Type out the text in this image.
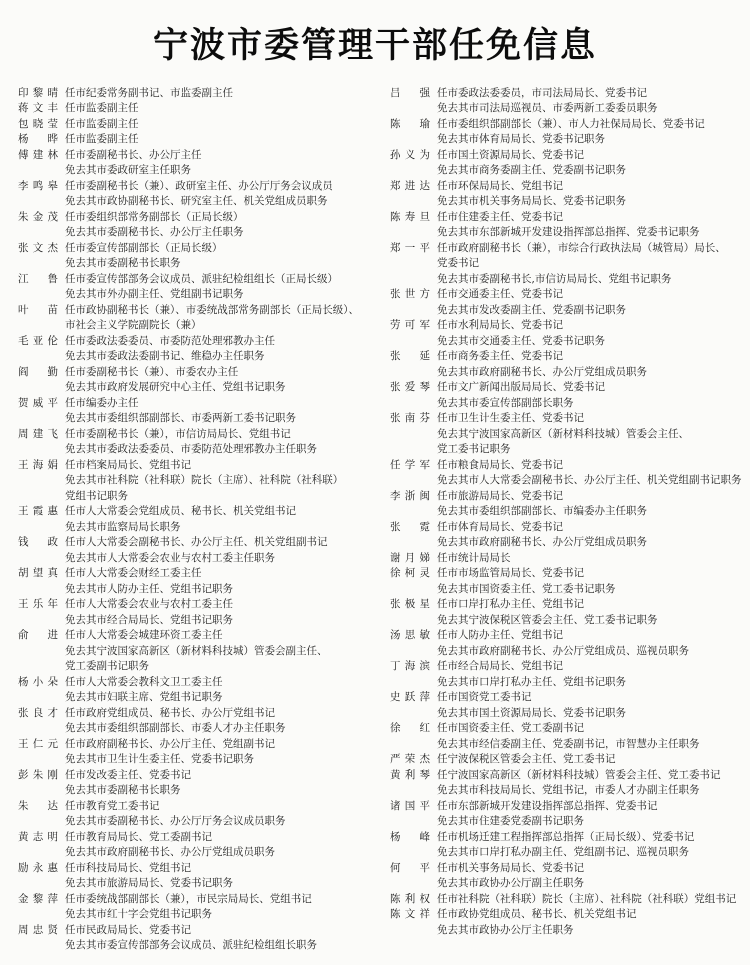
宁波市委管理干部任免信息
印黎晴 任市纪委常务副书记、市监委副主任
蒋文丰 任市监委副主任
包晓莹 任市监委副主任
杨　晔 任市监委副主任
傅建林 任市委副秘书长、办公厅主任
免去其市委政研室主任职务
李鸣皋 任市委副秘书长（兼）、政研室主任、办公厅厅务会议成员
免去其市政协副秘书长、研究室主任、机关党组成员职务
朱金茂 任市委组织部常务副部长（正局长级）
免去其市委副秘书长、办公厅主任职务
张文杰 任市委宣传部副部长（正局长级）
免去其市委副秘书长职务
江　鲁 任市委宣传部部务会议成员、派驻纪检组组长（正局长级）
免去其市外办副主任、党组副书记职务
叶　苗 任市政协副秘书长（兼）、市委统战部常务副部长（正局长级）、
市社会主义学院副院长（兼）
毛亚伦 任市委政法委委员、市委防范处理邪教办主任
免去其市委政法委副书记、维稳办主任职务
阎　勤 任市委副秘书长（兼）、市委农办主任
免去其市政府发展研究中心主任、党组书记职务
贺威平 任市编委办主任
免去其市委组织部副部长、市委两新工委书记职务
周建飞 任市委副秘书长（兼），市信访局局长、党组书记
免去其市委政法委委员、市委防范处理邪教办主任职务
王海娟 任市档案局局长、党组书记
免去其市社科院（社科联）院长（主席）、社科院（社科联）
党组书记职务
王霞惠 任市人大常委会党组成员、秘书长、机关党组书记
免去其市监察局局长职务
钱　政 任市人大常委会副秘书长、办公厅主任、机关党组副书记
免去其市人大常委会农业与农村工委主任职务
胡望真 任市人大常委会财经工委主任
免去其市人防办主任、党组书记职务
王乐年 任市人大常委会农业与农村工委主任
免去其市经合局局长、党组书记职务
俞　进 任市人大常委会城建环资工委主任
免去其宁波国家高新区（新材料科技城）管委会副主任、
党工委副书记职务
杨小朵 任市人大常委会教科文卫工委主任
免去其市妇联主席、党组书记职务
张良才 任市政府党组成员、秘书长、办公厅党组书记
免去其市委组织部副部长、市委人才办主任职务
王仁元 任市政府副秘书长、办公厅主任、党组副书记
免去其市卫生计生委主任、党委书记职务
彭朱刚 任市发改委主任、党委书记
免去其市委副秘书长职务
朱　达 任市教育党工委书记
免去其市委副秘书长、办公厅厅务会议成员职务
黄志明 任市教育局局长、党工委副书记
免去其市政府副秘书长、办公厅党组成员职务
励永惠 任市科技局局长、党组书记
免去其市旅游局局长、党委书记职务
金黎萍 任市委统战部副部长（兼），市民宗局局长、党组书记
免去其市红十字会党组书记职务
周忠贤 任市民政局局长、党委书记
免去其市委宣传部部务会议成员、派驻纪检组组长职务
吕　强 任市委政法委委员，市司法局局长、党委书记
免去其市司法局巡视员、市委两新工委委员职务
陈　瑜 任市委组织部副部长（兼）、市人力社保局局长、党委书记
免去其市体育局局长、党委书记职务
孙义为 任市国土资源局局长、党委书记
免去其市商务委副主任、党委副书记职务
郑进达 任市环保局局长、党组书记
免去其市机关事务局局长、党委书记职务
陈寿旦 任市住建委主任、党委书记
免去其市东部新城开发建设指挥部总指挥、党委书记职务
郑一平 任市政府副秘书长（兼），市综合行政执法局（城管局）局长、
党委书记
免去其市委副秘书长,市信访局局长、党组书记职务
张世方 任市交通委主任、党委书记
免去其市发改委副主任、党委副书记职务
劳可军 任市水利局局长、党委书记
免去其市交通委主任、党委书记职务
张　延 任市商务委主任、党委书记
免去其市政府副秘书长、办公厅党组成员职务
张爱琴 任市文广新闻出版局局长、党委书记
免去其市委宣传部副部长职务
张南芬 任市卫生计生委主任、党委书记
免去其宁波国家高新区（新材料科技城）管委会主任、
党工委书记职务
任学军 任市粮食局局长、党委书记
免去其市人大常委会副秘书长、办公厅主任、机关党组副书记职务
李浙闽 任市旅游局局长、党委书记
免去其市委组织部副部长、市编委办主任职务
张　霓 任市体育局局长、党委书记
免去其市政府副秘书长、办公厅党组成员职务
谢月娣 任市统计局局长
徐柯灵 任市市场监管局局长、党委书记
免去其市国资委主任、党工委书记职务
张极星 任市口岸打私办主任、党组书记
免去其宁波保税区管委会主任、党工委书记职务
汤思敏 任市人防办主任、党组书记
免去其市政府副秘书长、办公厅党组成员、巡视员职务
丁海滨 任市经合局局长、党组书记
免去其市口岸打私办主任、党组书记职务
史跃萍 任市国资党工委书记
免去其市国土资源局局长、党委书记职务
徐　红 任市国资委主任、党工委副书记
免去其市经信委副主任、党委副书记，市智慧办主任职务
严荣杰 任宁波保税区管委会主任、党工委书记
黄利琴 任宁波国家高新区（新材料科技城）管委会主任、党工委书记
免去其市科技局局长、党组书记，市委人才办副主任职务
诸国平 任市东部新城开发建设指挥部总指挥、党委书记
免去其市住建委党委副书记职务
杨　峰 任市机场迁建工程指挥部总指挥（正局长级）、党委书记
免去其市口岸打私办副主任、党组副书记、巡视员职务
何　平 任市机关事务局局长、党委书记
免去其市政协办公厅副主任职务
陈利权 任市社科院（社科联）院长（主席）、社科院（社科联）党组书记
陈文祥 任市政协党组成员、秘书长、机关党组书记
免去其市政协办公厅主任职务
